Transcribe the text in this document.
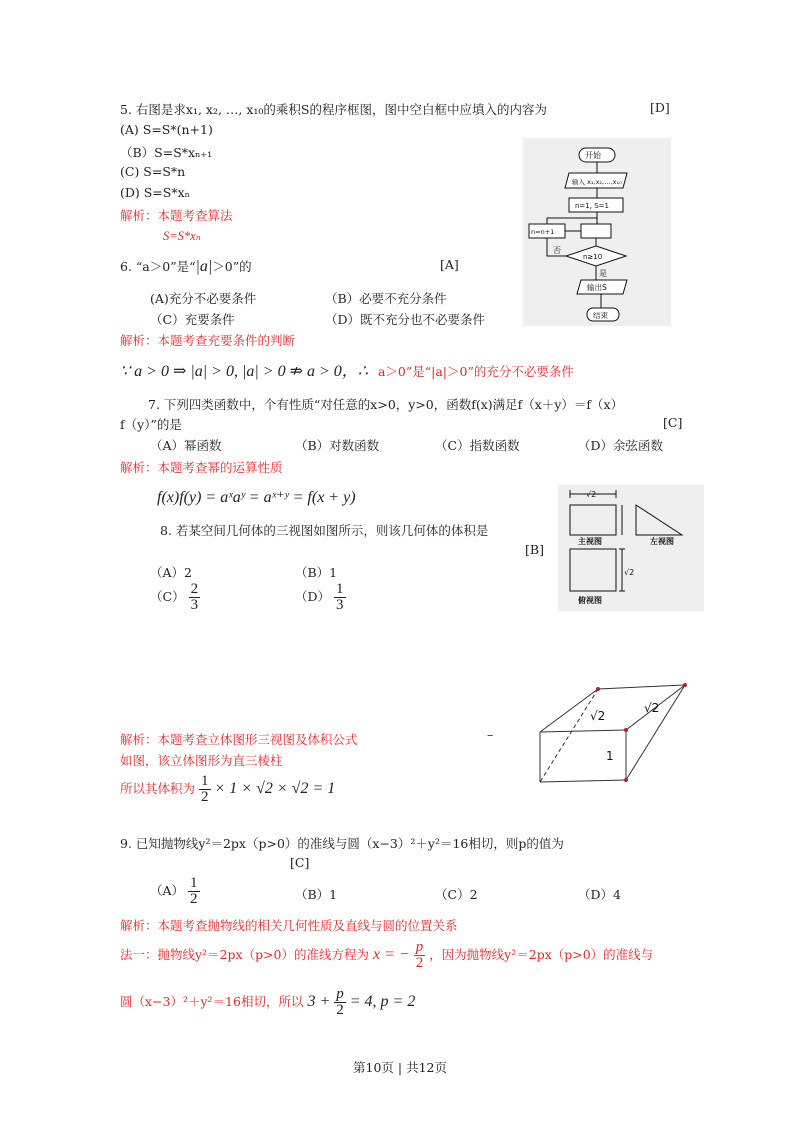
5. 右图是求x₁, x₂, …, x₁₀的乘积S的程序框图，图中空白框中应填入的内容为	[D]
(A) S=S*(n+1)
（B）S=S*xₙ₊₁
(C) S=S*n
(D) S=S*xₙ
解析：本题考查算法
S=S*xₙ
开始
输入 x₁,x₂,…,x₁₀
n=1, S=1
n=n+1
n≥10
否
是
输出S
结束
6. “a＞0”是“|a|＞0”的	[A]
(A)充分不必要条件	（B）必要不充分条件
（C）充要条件	（D）既不充分也不必要条件
解析：本题考查充要条件的判断
∵ a > 0 ⇒ |a| > 0, |a| > 0 ⇏ a > 0，∴ a＞0”是“|a|＞0”的充分不必要条件
7. 下列四类函数中，个有性质“对任意的x>0，y>0，函数f(x)满足f（x＋y）＝f（x）
f（y）”的是	[C]
（A）幂函数	（B）对数函数	（C）指数函数	（D）余弦函数
解析：本题考查幂的运算性质
f(x)f(y) = aˣaʸ = aˣ⁺ʸ = f(x + y)
8. 若某空间几何体的三视图如图所示，则该几何体的体积是
[B]
（A）2	（B）1
$(C) \frac{2}{3}$	$(D) \frac{1}{3}$
√2
√2
主视图	左视图
俯视图
√2
√2
1
–
解析：本题考查立体图形三视图及体积公式
如图，该立体图形为直三棱柱
所以其体积为 $\frac{1}{2} \times 1 \times √2 \times √2 = 1$
9. 已知抛物线y²＝2px（p>0）的准线与圆（x−3）²＋y²＝16相切，则p的值为
[C]
$(A) \frac{1}{2}$	（B）1	（C）2	（D）4
解析：本题考查抛物线的相关几何性质及直线与圆的位置关系
法一：抛物线y²＝2px（p>0）的准线方程为 x = − $\frac{p}{2}$ ，因为抛物线y²＝2px（p>0）的准线与
圆（x−3）²＋y²＝16相切，所以 $3 + \frac{p}{2} = 4$, p = 2
第10页 | 共12页
